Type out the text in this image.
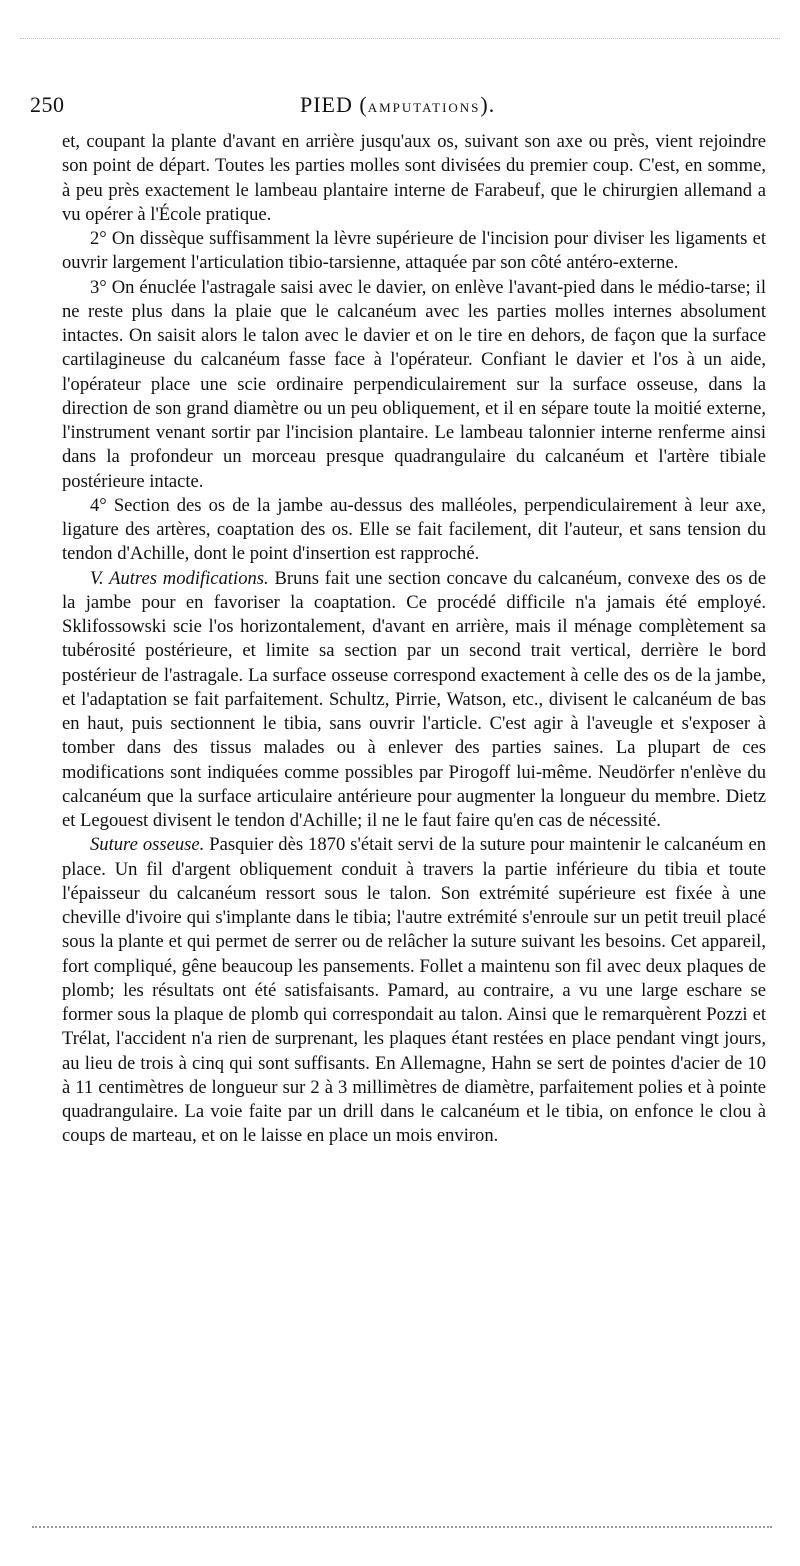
250	PIED (AMPUTATIONS).

et, coupant la plante d'avant en arrière jusqu'aux os, suivant son axe ou près, vient rejoindre son point de départ. Toutes les parties molles sont divisées du premier coup. C'est, en somme, à peu près exactement le lambeau plantaire interne de Farabeuf, que le chirurgien allemand a vu opérer à l'École pratique.

2° On dissèque suffisamment la lèvre supérieure de l'incision pour diviser les ligaments et ouvrir largement l'articulation tibio-tarsienne, attaquée par son côté antéro-externe.

3° On énuclée l'astragale saisi avec le davier, on enlève l'avant-pied dans le médio-tarse; il ne reste plus dans la plaie que le calcanéum avec les parties molles internes absolument intactes. On saisit alors le talon avec le davier et on le tire en dehors, de façon que la surface cartilagineuse du calcanéum fasse face à l'opérateur. Confiant le davier et l'os à un aide, l'opérateur place une scie ordinaire perpendiculairement sur la surface osseuse, dans la direction de son grand diamètre ou un peu obliquement, et il en sépare toute la moitié externe, l'instrument venant sortir par l'incision plantaire. Le lambeau talonnier interne renferme ainsi dans la profondeur un morceau presque quadrangulaire du calcanéum et l'artère tibiale postérieure intacte.

4° Section des os de la jambe au-dessus des malléoles, perpendiculairement à leur axe, ligature des artères, coaptation des os. Elle se fait facilement, dit l'auteur, et sans tension du tendon d'Achille, dont le point d'insertion est rapproché.

V. Autres modifications. Bruns fait une section concave du calcanéum, convexe des os de la jambe pour en favoriser la coaptation. Ce procédé difficile n'a jamais été employé. Sklifossowski scie l'os horizontalement, d'avant en arrière, mais il ménage complètement sa tubérosité postérieure, et limite sa section par un second trait vertical, derrière le bord postérieur de l'astragale. La surface osseuse correspond exactement à celle des os de la jambe, et l'adaptation se fait parfaitement. Schultz, Pirrie, Watson, etc., divisent le calcanéum de bas en haut, puis sectionnent le tibia, sans ouvrir l'article. C'est agir à l'aveugle et s'exposer à tomber dans des tissus malades ou à enlever des parties saines. La plupart de ces modifications sont indiquées comme possibles par Pirogoff lui-même. Neudörfer n'enlève du calcanéum que la surface articulaire antérieure pour augmenter la longueur du membre. Dietz et Legouest divisent le tendon d'Achille; il ne le faut faire qu'en cas de nécessité.

Suture osseuse. Pasquier dès 1870 s'était servi de la suture pour maintenir le calcanéum en place. Un fil d'argent obliquement conduit à travers la partie inférieure du tibia et toute l'épaisseur du calcanéum ressort sous le talon. Son extrémité supérieure est fixée à une cheville d'ivoire qui s'implante dans le tibia; l'autre extrémité s'enroule sur un petit treuil placé sous la plante et qui permet de serrer ou de relâcher la suture suivant les besoins. Cet appareil, fort compliqué, gêne beaucoup les pansements. Follet a maintenu son fil avec deux plaques de plomb; les résultats ont été satisfaisants. Pamard, au contraire, a vu une large eschare se former sous la plaque de plomb qui correspondait au talon. Ainsi que le remarquèrent Pozzi et Trélat, l'accident n'a rien de surprenant, les plaques étant restées en place pendant vingt jours, au lieu de trois à cinq qui sont suffisants. En Allemagne, Hahn se sert de pointes d'acier de 10 à 11 centimètres de longueur sur 2 à 3 millimètres de diamètre, parfaitement polies et à pointe quadrangulaire. La voie faite par un drill dans le calcanéum et le tibia, on enfonce le clou à coups de marteau, et on le laisse en place un mois environ.
